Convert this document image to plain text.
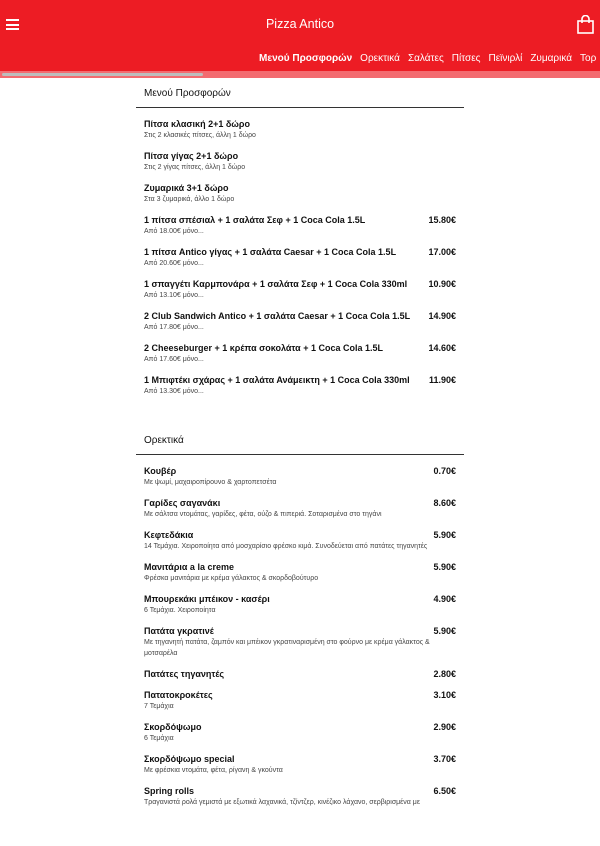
Pizza Antico
Μενού Προσφορών Ορεκτικά Σαλάτες Πίτσες Πεϊνιρλί Ζυμαρικά Τορ
Μενού Προσφορών
Πίτσα κλασική 2+1 δώρο
Στις 2 κλασικές πίτσες, άλλη 1 δώρο
Πίτσα γίγας 2+1 δώρο
Στις 2 γίγας πίτσες, άλλη 1 δώρο
Ζυμαρικά 3+1 δώρο
Στα 3 ζυμαρικά, άλλο 1 δώρο
1 πίτσα σπέσιαλ + 1 σαλάτα Σεφ + 1 Coca Cola 1.5L	15.80€
Από 18.00€ μόνο...
1 πίτσα Antico γίγας + 1 σαλάτα Caesar + 1 Coca Cola 1.5L	17.00€
Από 20.60€ μόνο...
1 σπαγγέτι Καρμπονάρα + 1 σαλάτα Σεφ + 1 Coca Cola 330ml 10.90€
Από 13.10€ μόνο...
2 Club Sandwich Antico + 1 σαλάτα Caesar + 1 Coca Cola 1.5L 14.90€
Από 17.80€ μόνο...
2 Cheeseburger + 1 κρέπα σοκολάτα + 1 Coca Cola 1.5L	14.60€
Από 17.60€ μόνο...
1 Μπιφτέκι σχάρας + 1 σαλάτα Ανάμεικτη + 1 Coca Cola 330ml 11.90€
Από 13.30€ μόνο...
Ορεκτικά
Κουβέρ	0.70€
Με ψωμί, μαχαιροπίρουνο & χαρτοπετσέτα
Γαρίδες σαγανάκι	8.60€
Με σάλτσα ντομάτας, γαρίδες, φέτα, ούζο & πιπεριά. Σοταρισμένα στο τηγάνι
Κεφτεδάκια	5.90€
14 Τεμάχια. Χειροποίητα από μοσχαρίσιο φρέσκο κιμά. Συνοδεύεται από πατάτες τηγανητές
Μανιτάρια a la creme	5.90€
Φρέσκα μανιτάρια με κρέμα γάλακτος & σκορδοβούτυρο
Μπουρεκάκι μπέικον - κασέρι	4.90€
6 Τεμάχια. Χειροποίητα
Πατάτα γκρατινέ	5.90€
Με τηγανητή πατάτα, ζαμπόν και μπέικον γκρατιναρισμένη στο φούρνο με κρέμα γάλακτος & μοτσαρέλα
Πατάτες τηγανητές	2.80€
Πατατοκροκέτες	3.10€
7 Τεμάχια
Σκορδόψωμο	2.90€
6 Τεμάχια
Σκορδόψωμο special	3.70€
Με φρέσκια ντομάτα, φέτα, ρίγανη & γκούντα
Spring rolls	6.50€
Τραγανιστά ρολά γεμιστά με εξωτικά λαχανικά, τζίντζερ, κινέζικο λάχανο, σερβιρισμένα με
